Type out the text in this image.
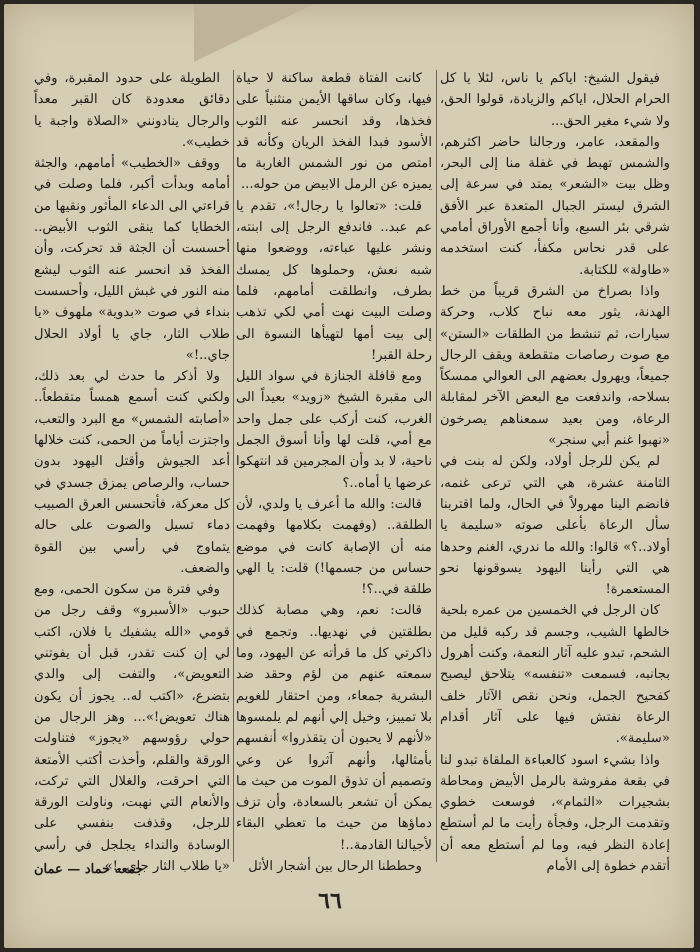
فيقول الشيخ: اياكم يا ناس، لئلا يا كل الحرام الحلال، اياكم والزيادة، قولوا الحق، ولا شيء مغير الحق...

والمقعد، عامر، ورجالنا حاضر اكثرهم، والشمس تهبط في غفلة منا إلى البحر، وظل بيت «الشعر» يمتد في سرعة إلى الشرق ليستر الجبال المتعدة عبر الأفق شرقي بئر السبع، وأنا أجمع الأوراق أمامي على قدر نحاس مكفأ، كنت استخدمه «طاولة» للكتابة.

واذا بصراخ من الشرق قريباً من خط الهدنة، يثور معه نباح كلاب، وحركة سيارات، ثم تنشط من الطلقات «الستن» مع صوت رصاصات متقطعة ويقف الرجال جميعاً، ويهرول بعضهم الى العوالي ممسكاً بسلاحه، واندفعت مع البعض الآخر لمقابلة الرعاة، ومن بعيد سمعناهم يصرخون «نهبوا غنم أبي سنجر»

لم يكن للرجل أولاد، ولكن له بنت في الثامنة عشرة، هي التي ترعى غنمه، فانضم الينا مهرولاً في الحال، ولما اقتربنا سأل الرعاة بأعلى صوته «سليمة يا أولاد..؟» قالوا: والله ما ندري، الغنم وحدها هي التي رأينا اليهود يسوقونها نحو المستعمرة!

كان الرجل في الخمسين من عمره بلحية خالطها الشيب، وجسم قد ركبه قليل من الشحم، تبدو عليه آثار النعمة، وكنت أهرول بجانبه، فسمعت «تنفسه» يتلاحق ليصبح كفحيح الجمل، ونحن نقص الآثار خلف الرعاة نفتش فيها على آثار أقدام «سليمة».

واذا بشيء اسود كالعباءة الملقاة تبدو لنا في بقعة مفروشة بالرمل الأبيض ومحاطة بشجيرات «الثمام»، فوسعت خطوي وتقدمت الرجل، وفجأة رأيت ما لم أستطع إعادة النظر فيه، وما لم أستطع معه أن أتقدم خطوة إلى الأمام

كانت الفتاة قطعة ساكنة لا حياة فيها، وكان ساقها الأيمن منثنياً على فخذها، وقد انحسر عنه الثوب الأسود فبدا الفخذ الريان وكأنه قد امتص من نور الشمس الغاربة ما يميزه عن الرمل الابيض من حوله...

قلت: «تعالوا يا رجال!»، تقدم يا عم عبد.. فاندفع الرجل إلى ابنته، ونشر عليها عباءته، ووضعوا منها شبه نعش، وحملوها كل يمسك بطرف، وانطلقت أمامهم، فلما وصلت البيت نهت أمي لكي تذهب إلى بيت أمها لتهيأها النسوة الى رحلة القبر!

ومع قافلة الجنازة في سواد الليل الى مقبرة الشيخ «زويد» بعيداً الى الغرب، كنت أركب على جمل واحد مع أمي، قلت لها وأنا أسوق الجمل ناحية، لا بد وأن المجرمين قد انتهكوا عرضها يا أماه..؟

قالت: والله ما أعرف يا ولدي، لأن الطلقة.. (وفهمت بكلامها وفهمت منه أن الإصابة كانت في موضع حساس من جسمها!) قلت: يا الهي طلقة في..؟!

قالت: نعم، وهي مصابة كذلك بطلقتين في نهديها.. وتجمع في ذاكرتي كل ما قرأته عن اليهود، وما سمعته عنهم من لؤم وحقد ضد البشرية جمعاء، ومن احتقار للغويم بلا تمييز، وخيل إلي أنهم لم يلمسوها «لأنهم لا يحبون أن يتقذروا» أنفسهم بأمثالها، وأنهم آثروا عن وعي وتصميم أن تذوق الموت من حيث ما يمكن أن تشعر بالسعادة، وأن تزف دماؤها من حيث ما تعطي البقاء لأجيالنا القادمة..!

وحططنا الرحال بين أشجار الأثل

الطويلة على حدود المقبرة، وفي دقائق معدودة كان القبر معداً والرجال ينادونني «الصلاة واجبة يا خطيب».

ووقف «الخطيب» أمامهم، والجثة أمامه وبدأت أكبر، فلما وصلت في قراءتي الى الدعاء المأثور ونقيها من الخطايا كما ينقى الثوب الأبيض.. أحسست أن الجثة قد تحركت، وأن الفخذ قد انحسر عنه الثوب ليشع منه النور في غبش الليل، وأحسست بنداء في صوت «بدوية» ملهوف «يا طلاب الثار، جاي يا أولاد الحلال جاي..!»

ولا أذكر ما حدث لي بعد ذلك، ولكني كنت أسمع همساً متقطعاً.. «أصابته الشمس» مع البرد والتعب، واجتزت أياماً من الحمى، كنت خلالها أعد الجيوش وأقتل اليهود بدون حساب، والرصاص يمزق جسدي في كل معركة، فأتحسس العرق الصبيب دماء تسيل والصوت على حاله يتماوج في رأسي بين القوة والضعف.

وفي فترة من سكون الحمى، ومع حبوب «الأسبرو» وقف رجل من قومي «الله يشفيك يا فلان، اكتب لي إن كنت تقدر، قبل أن يفوتني التعويض»، والتفت إلى والدي بتضرع، «اكتب له.. يجوز أن يكون هناك تعويض!»... وهز الرجال من حولي رؤوسهم «يجوز» فتناولت الورقة والقلم، وأخذت أكتب الأمتعة التي احرقت، والغلال التي تركت، والأنعام التي نهبت، وناولت الورقة للرجل، وقذفت بنفسي على الوسادة والنداء يجلجل في رأسي «يا طلاب الثار جاي..!»

جمعه حماد — عمان
٦٦
